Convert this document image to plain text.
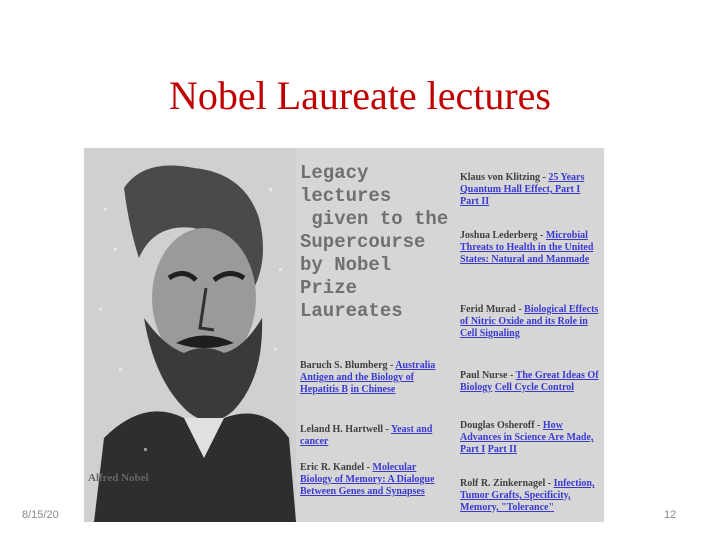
Nobel Laureate lectures
Alfred Nobel
Legacy
lectures
given to the
Supercourse
by Nobel
Prize
Laureates
Baruch S. Blumberg - Australia Antigen and the Biology of Hepatitis B in Chinese
Leland H. Hartwell - Yeast and cancer
Eric R. Kandel - Molecular Biology of Memory: A Dialogue Between Genes and Synapses
Klaus von Klitzing - 25 Years Quantum Hall Effect, Part I Part II
Joshua Lederberg - Microbial Threats to Health in the United States: Natural and Manmade
Ferid Murad - Biological Effects of Nitric Oxide and its Role in Cell Signaling
Paul Nurse - The Great Ideas Of Biology Cell Cycle Control
Douglas Osheroff - How Advances in Science Are Made, Part I Part II
Rolf R. Zinkernagel - Infection, Tumor Grafts, Specificity, Memory, "Tolerance"
8/15/20	12
